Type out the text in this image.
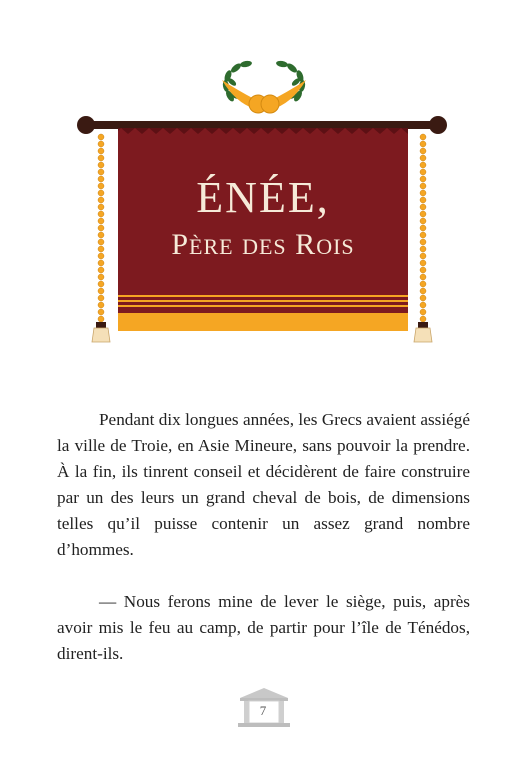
ÉNÉE,
PÈRE DES ROIS

Pendant dix longues années, les Grecs avaient assiégé la ville de Troie, en Asie Mineure, sans pouvoir la prendre. À la fin, ils tinrent conseil et décidèrent de faire construire par un des leurs un grand cheval de bois, de dimensions telles qu’il puisse contenir un assez grand nombre d’hommes.

— Nous ferons mine de lever le siège, puis, après avoir mis le feu au camp, de partir pour l’île de Ténédos, dirent-ils.

7
